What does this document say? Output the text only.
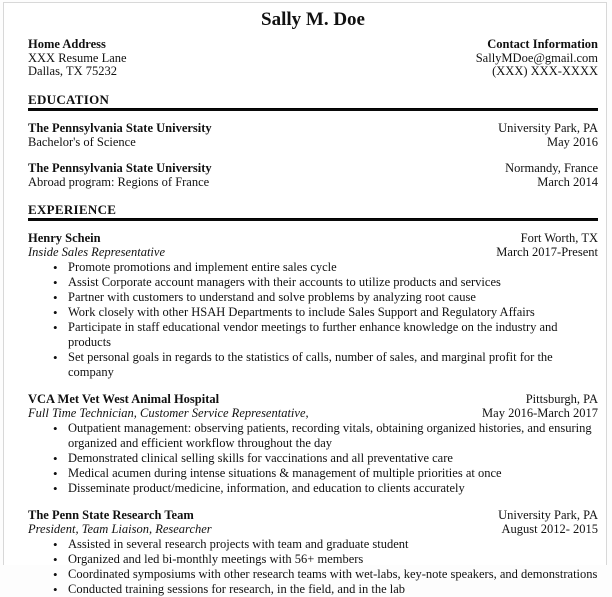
Sally M. Doe
Home Address
XXX Resume Lane
Dallas, TX 75232
Contact Information
SallyMDoe@gmail.com
(XXX) XXX-XXXX
EDUCATION
The Pennsylvania State University	University Park, PA
Bachelor's of Science	May 2016
The Pennsylvania State University	Normandy, France
Abroad program: Regions of France	March 2014
EXPERIENCE
Henry Schein	Fort Worth, TX
Inside Sales Representative	March 2017-Present
• Promote promotions and implement entire sales cycle
• Assist Corporate account managers with their accounts to utilize products and services
• Partner with customers to understand and solve problems by analyzing root cause
• Work closely with other HSAH Departments to include Sales Support and Regulatory Affairs
• Participate in staff educational vendor meetings to further enhance knowledge on the industry and products
• Set personal goals in regards to the statistics of calls, number of sales, and marginal profit for the company
VCA Met Vet West Animal Hospital	Pittsburgh, PA
Full Time Technician, Customer Service Representative,	May 2016-March 2017
• Outpatient management: observing patients, recording vitals, obtaining organized histories, and ensuring organized and efficient workflow throughout the day
• Demonstrated clinical selling skills for vaccinations and all preventative care
• Medical acumen during intense situations & management of multiple priorities at once
• Disseminate product/medicine, information, and education to clients accurately
The Penn State Research Team	University Park, PA
President, Team Liaison, Researcher	August 2012- 2015
• Assisted in several research projects with team and graduate student
• Organized and led bi-monthly meetings with 56+ members
• Coordinated symposiums with other research teams with wet-labs, key-note speakers, and demonstrations
• Conducted training sessions for research, in the field, and in the lab
